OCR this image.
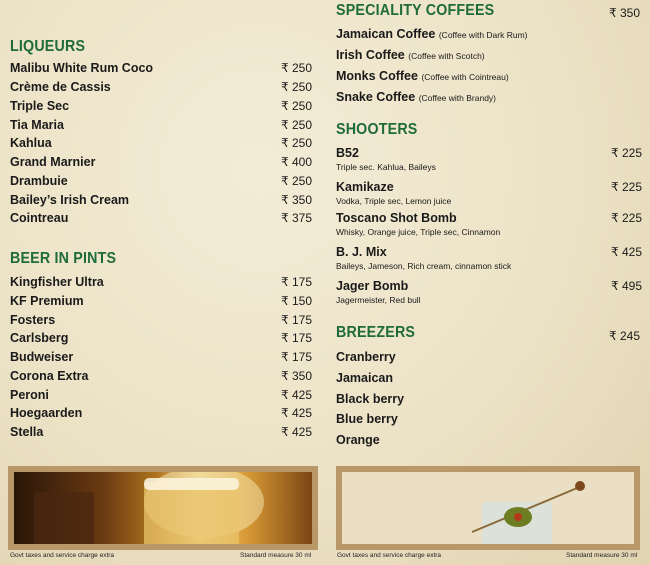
LIQUEURS
Malibu White Rum Coco	₹ 250
Crème de Cassis	₹ 250
Triple Sec	₹ 250
Tia Maria	₹ 250
Kahlua	₹ 250
Grand Marnier	₹ 400
Drambuie	₹ 250
Bailey’s Irish Cream	₹ 350
Cointreau	₹ 375
BEER IN PINTS
Kingfisher Ultra	₹ 175
KF Premium	₹ 150
Fosters	₹ 175
Carlsberg	₹ 175
Budweiser	₹ 175
Corona Extra	₹ 350
Peroni	₹ 425
Hoegaarden	₹ 425
Stella	₹ 425
SPECIALITY COFFEES	₹ 350
Jamaican Coffee (Coffee with Dark Rum)
Irish Coffee (Coffee with Scotch)
Monks Coffee (Coffee with Cointreau)
Snake Coffee (Coffee with Brandy)
SHOOTERS
B52	₹ 225
Triple sec. Kahlua, Baileys
Kamikaze	₹ 225
Vodka, Triple sec, Lemon juice
Toscano Shot Bomb	₹ 225
Whisky, Orange juice, Triple sec, Cinnamon
B. J. Mix	₹ 425
Baileys, Jameson, Rich cream, cinnamon stick
Jager Bomb	₹ 495
Jagermeister, Red bull
BREEZERS	₹ 245
Cranberry
Jamaican
Black berry
Blue berry
Orange
Govt taxes and service charge extra	Standard measure 30 ml	Govt taxes and service charge extra	Standard measure 30 ml
